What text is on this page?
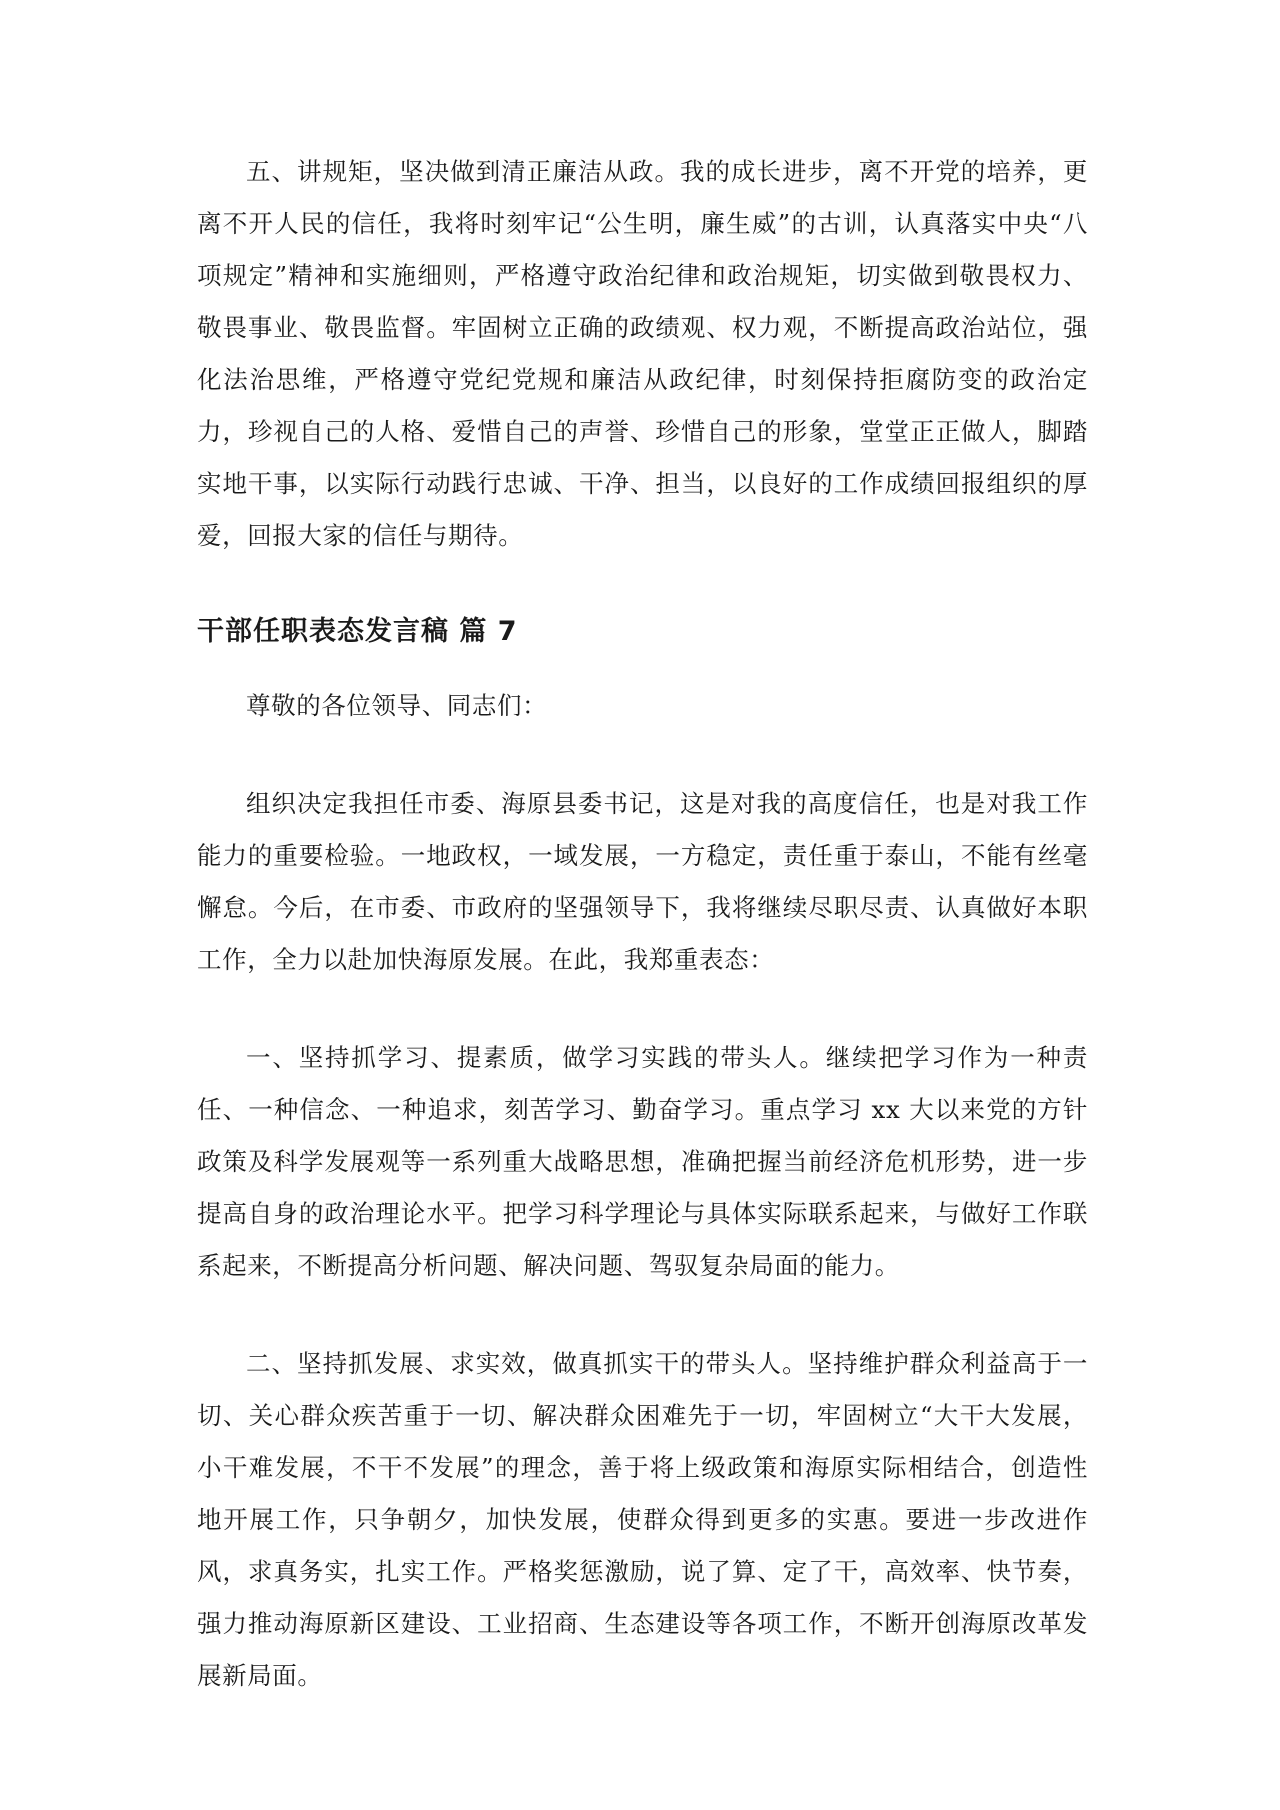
五、讲规矩，坚决做到清正廉洁从政。我的成长进步，离不开党的培养，更离不开人民的信任，我将时刻牢记“公生明，廉生威”的古训，认真落实中央“八项规定”精神和实施细则，严格遵守政治纪律和政治规矩，切实做到敬畏权力、敬畏事业、敬畏监督。牢固树立正确的政绩观、权力观，不断提高政治站位，强化法治思维，严格遵守党纪党规和廉洁从政纪律，时刻保持拒腐防变的政治定力，珍视自己的人格、爱惜自己的声誉、珍惜自己的形象，堂堂正正做人，脚踏实地干事，以实际行动践行忠诚、干净、担当，以良好的工作成绩回报组织的厚爱，回报大家的信任与期待。

干部任职表态发言稿 篇 7

尊敬的各位领导、同志们：

组织决定我担任市委、海原县委书记，这是对我的高度信任，也是对我工作能力的重要检验。一地政权，一域发展，一方稳定，责任重于泰山，不能有丝毫懈怠。今后，在市委、市政府的坚强领导下，我将继续尽职尽责、认真做好本职工作，全力以赴加快海原发展。在此，我郑重表态：

一、坚持抓学习、提素质，做学习实践的带头人。继续把学习作为一种责任、一种信念、一种追求，刻苦学习、勤奋学习。重点学习 xx 大以来党的方针政策及科学发展观等一系列重大战略思想，准确把握当前经济危机形势，进一步提高自身的政治理论水平。把学习科学理论与具体实际联系起来，与做好工作联系起来，不断提高分析问题、解决问题、驾驭复杂局面的能力。

二、坚持抓发展、求实效，做真抓实干的带头人。坚持维护群众利益高于一切、关心群众疾苦重于一切、解决群众困难先于一切，牢固树立“大干大发展，小干难发展，不干不发展”的理念，善于将上级政策和海原实际相结合，创造性地开展工作，只争朝夕，加快发展，使群众得到更多的实惠。要进一步改进作风，求真务实，扎实工作。严格奖惩激励，说了算、定了干，高效率、快节奏，强力推动海原新区建设、工业招商、生态建设等各项工作，不断开创海原改革发展新局面。
